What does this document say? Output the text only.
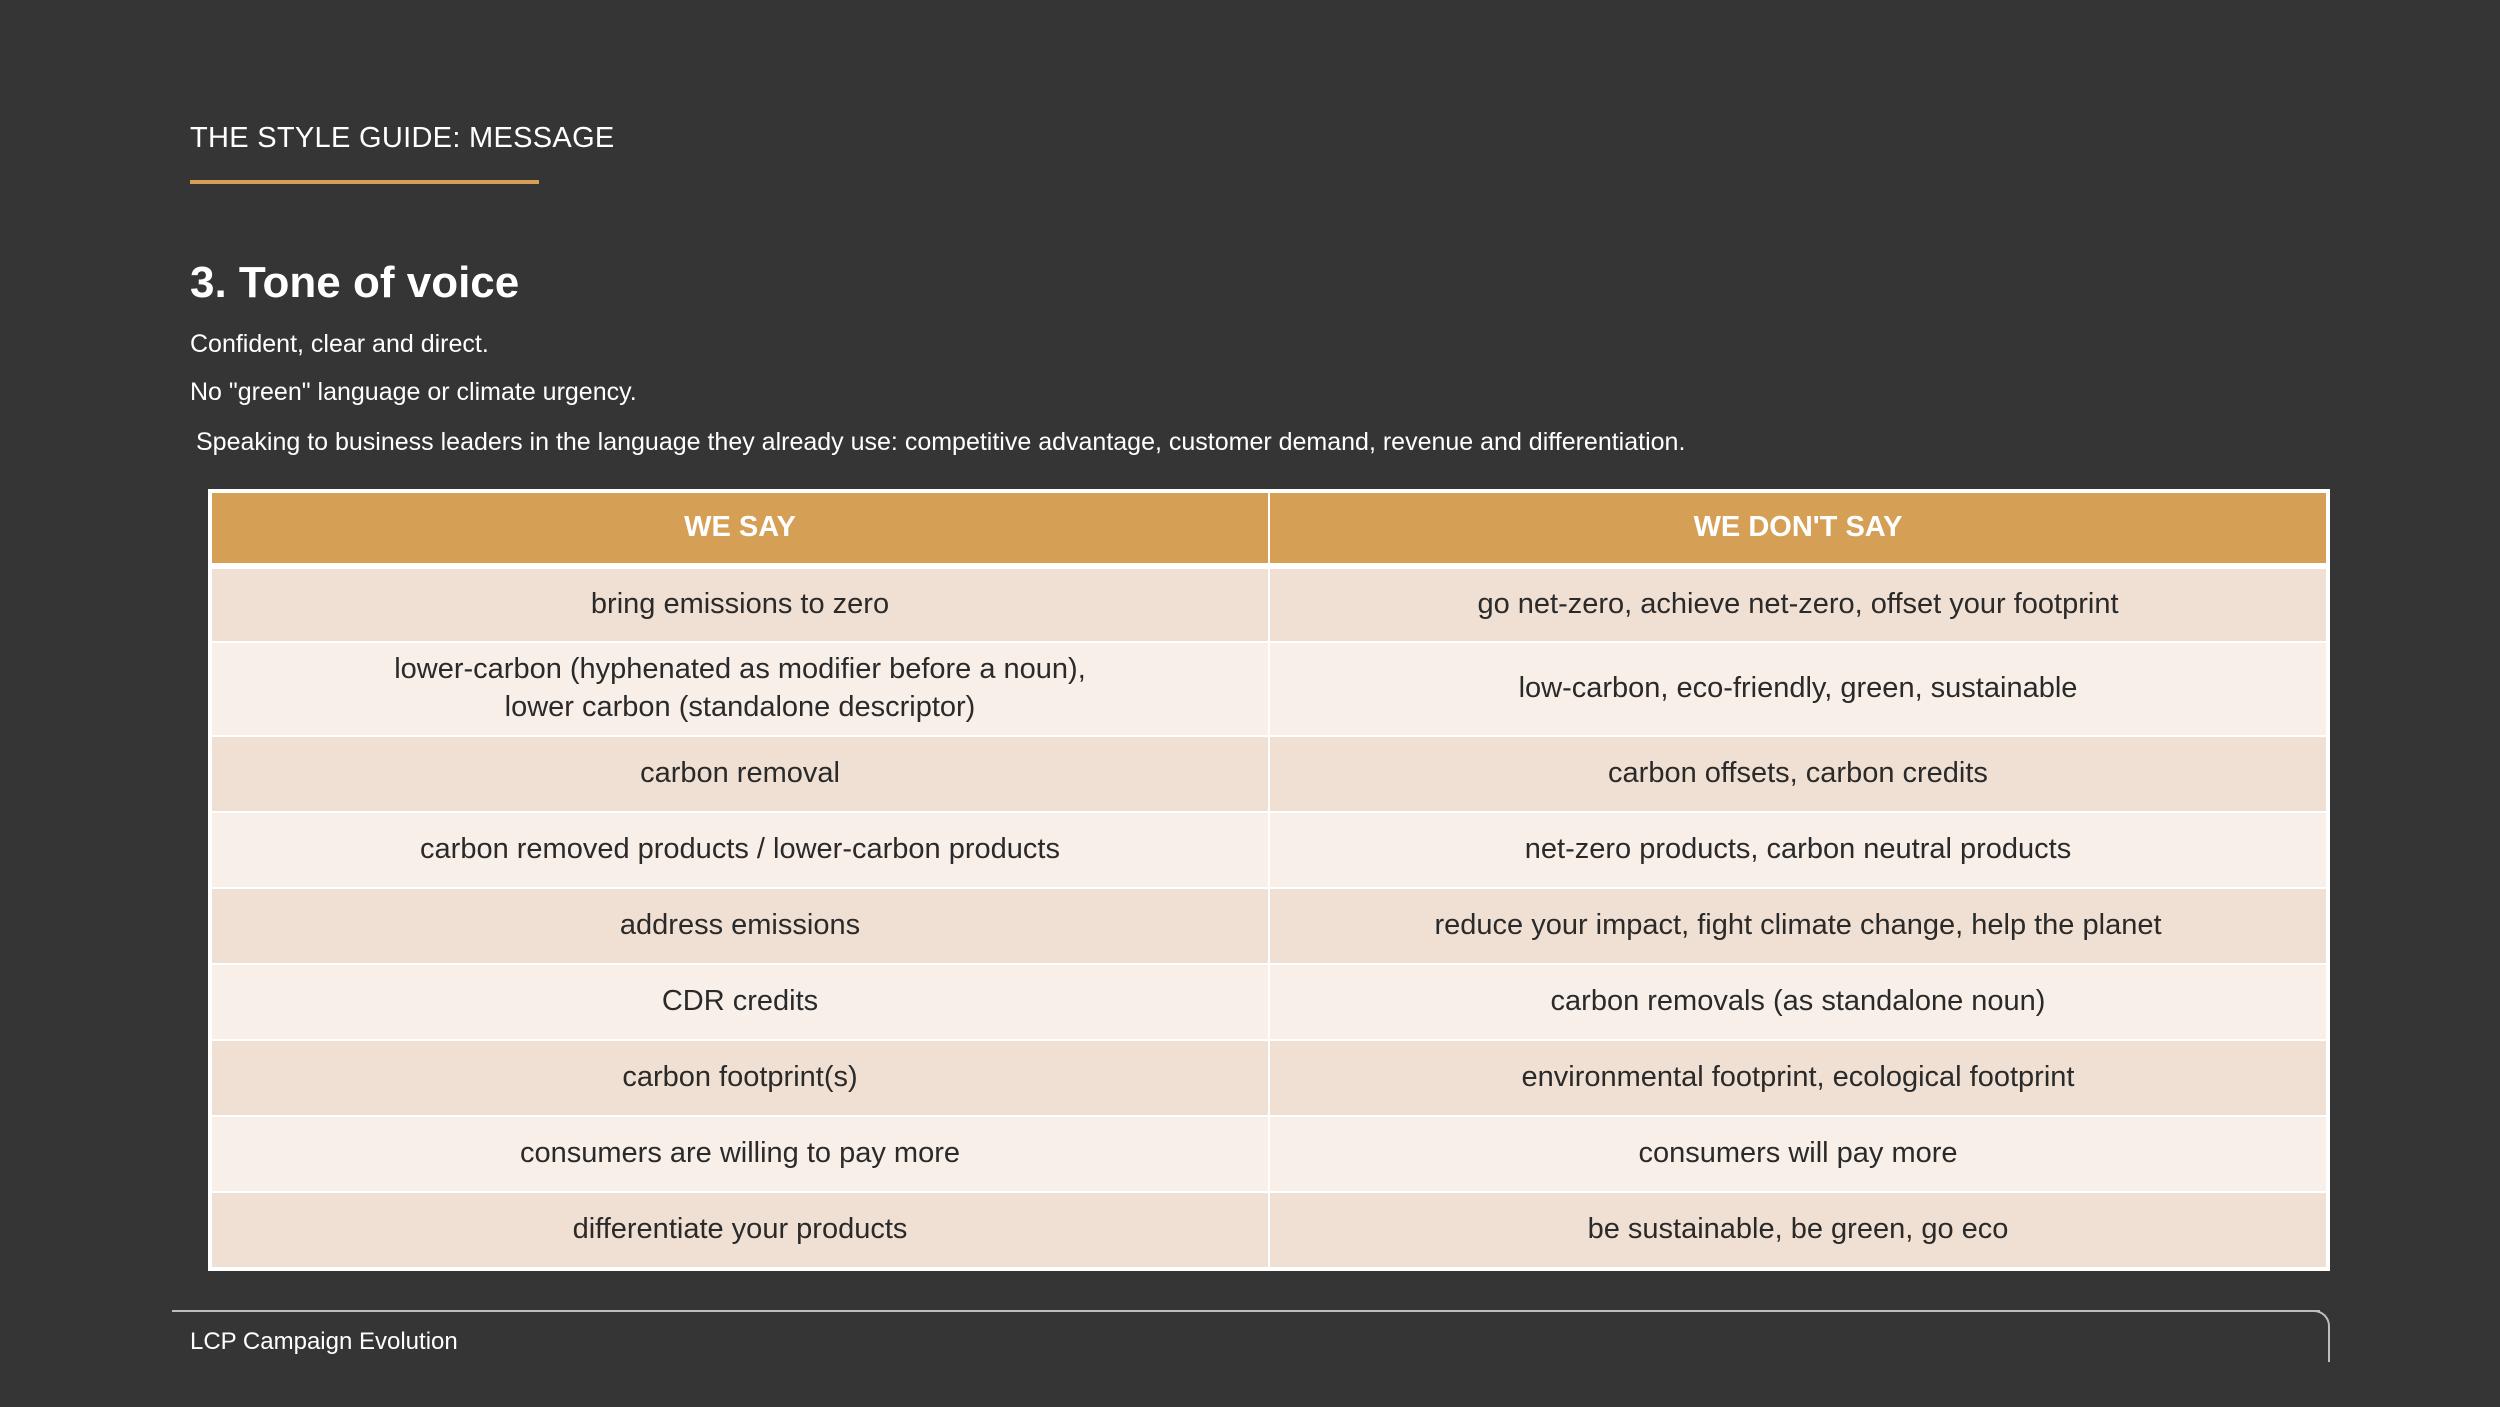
THE STYLE GUIDE: MESSAGE
3. Tone of voice
Confident, clear and direct.
No "green" language or climate urgency.
Speaking to business leaders in the language they already use: competitive advantage, customer demand, revenue and differentiation.
WE SAY	WE DON'T SAY
bring emissions to zero	go net-zero, achieve net-zero, offset your footprint
lower-carbon (hyphenated as modifier before a noun),
lower carbon (standalone descriptor)	low-carbon, eco-friendly, green, sustainable
carbon removal	carbon offsets, carbon credits
carbon removed products / lower-carbon products	net-zero products, carbon neutral products
address emissions	reduce your impact, fight climate change, help the planet
CDR credits	carbon removals (as standalone noun)
carbon footprint(s)	environmental footprint, ecological footprint
consumers are willing to pay more	consumers will pay more
differentiate your products	be sustainable, be green, go eco
LCP Campaign Evolution
